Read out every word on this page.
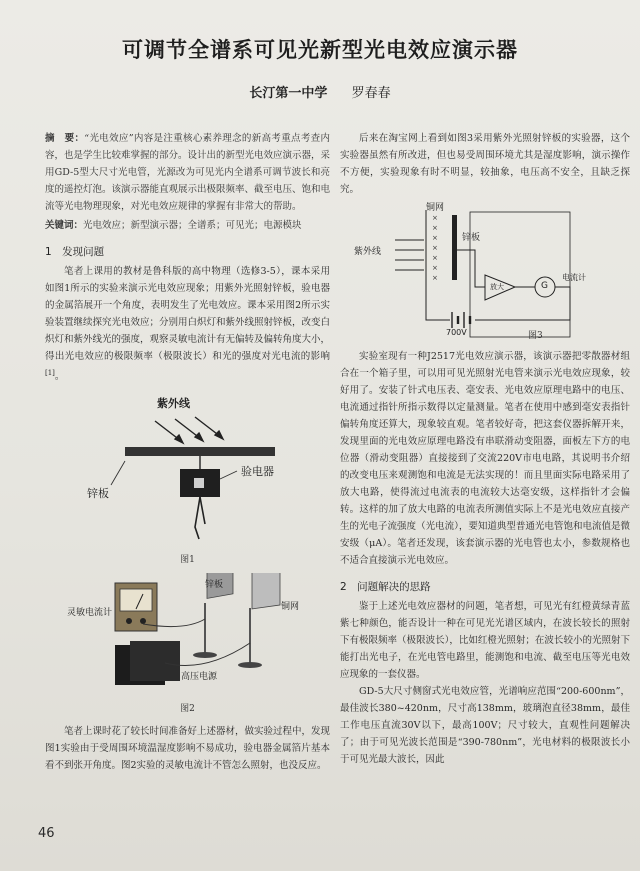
可调节全谱系可见光新型光电效应演示器
长汀第一中学 罗春春
摘　要：“光电效应”内容是注重核心素养理念的新高考重点考查内容，也是学生比较难掌握的部分。设计出的新型光电效应演示器，采用GD-5型大尺寸光电管，光源改为可见光内全谱系可调节波长和亮度的遥控灯泡。该演示器能直观展示出极限频率、截至电压、饱和电流等光电物理现象，对光电效应规律的掌握有非常大的帮助。
关键词：光电效应；新型演示器；全谱系；可见光；电源模块
1　发现问题

笔者上课用的教材是鲁科版的高中物理（选修3-5），课本采用如图1所示的实验来演示光电效应现象；用紫外光照射锌板，验电器的金属箔展开一个角度，表明发生了光电效应。课本采用图2所示实验装置继续探究光电效应；分别用白炽灯和紫外线照射锌板，改变白炽灯和紫外线光的强度，观察灵敏电流计有无偏转及偏转角度大小，得出光电效应的极限频率（极限波长）和光的强度对光电流的影响[1]。

紫外线
锌板
验电器
图1
灵敏电流计
锌板
铜网
高压电源
图2

笔者上课时花了较长时间准备好上述器材，做实验过程中，发现图1实验由于受周围环境温湿度影响不易成功，验电器金属箔片基本看不到张开角度。图2实验的灵敏电流计不管怎么照射，也没反应。

后来在淘宝网上看到如图3采用紫外光照射锌板的实验器，这个实验器虽然有所改进，但也易受周围环境尤其是湿度影响，演示操作不方便，实验现象有时不明显，较抽象，电压高不安全，且缺乏探究。

×
×
×
×
×
×
×
铜网
紫外线
锌板
放大	G
电流计
700V	图3

实验室现有一种J2517光电效应演示器，该演示器把零散器材组合在一个箱子里，可以用可见光照射光电管来演示光电效应现象，较好用了。安装了针式电压表、毫安表、光电效应原理电路中的电压、电流通过指针所指示数得以定量测量。笔者在使用中感到毫安表指针偏转角度还算大，现象较直观。笔者较好奇，把这套仪器拆解开来，发现里面的光电效应原理电路没有串联滑动变阻器，面板左下方的电位器（滑动变阻器）直接接到了交流220V市电电路，其说明书介绍的改变电压来观测饱和电流是无法实现的！而且里面实际电路采用了放大电路，使得流过电流表的电流较大达毫安级，这样指针才会偏转。这样的加了放大电路的电流表所测值实际上不是光电效应直接产生的光电子流强度（光电流），要知道典型普通光电管饱和电流值是微安级（μA）。笔者还发现，该套演示器的光电管也太小，参数规格也不适合直接演示光电效应。

2　问题解决的思路

鉴于上述光电效应器材的问题，笔者想，可见光有红橙黄绿青蓝紫七种颜色，能否设计一种在可见光光谱区域内，在波长较长的照射下有极限频率（极限波长），比如红橙光照射；在波长较小的光照射下能打出光电子，在光电管电路里，能测饱和电流、截至电压等光电效应现象的一套仪器。

GD-5大尺寸侧窗式光电效应管，光谱响应范围“200-600nm”，最佳波长380~420nm，尺寸高138mm，玻璃泡直径38mm，最佳工作电压直流30V以下，最高100V；尺寸较大，直观性问题解决了；由于可见光波长范围是“390-780nm”，光电材料的极限波长小于可见光最大波长，因此

46
